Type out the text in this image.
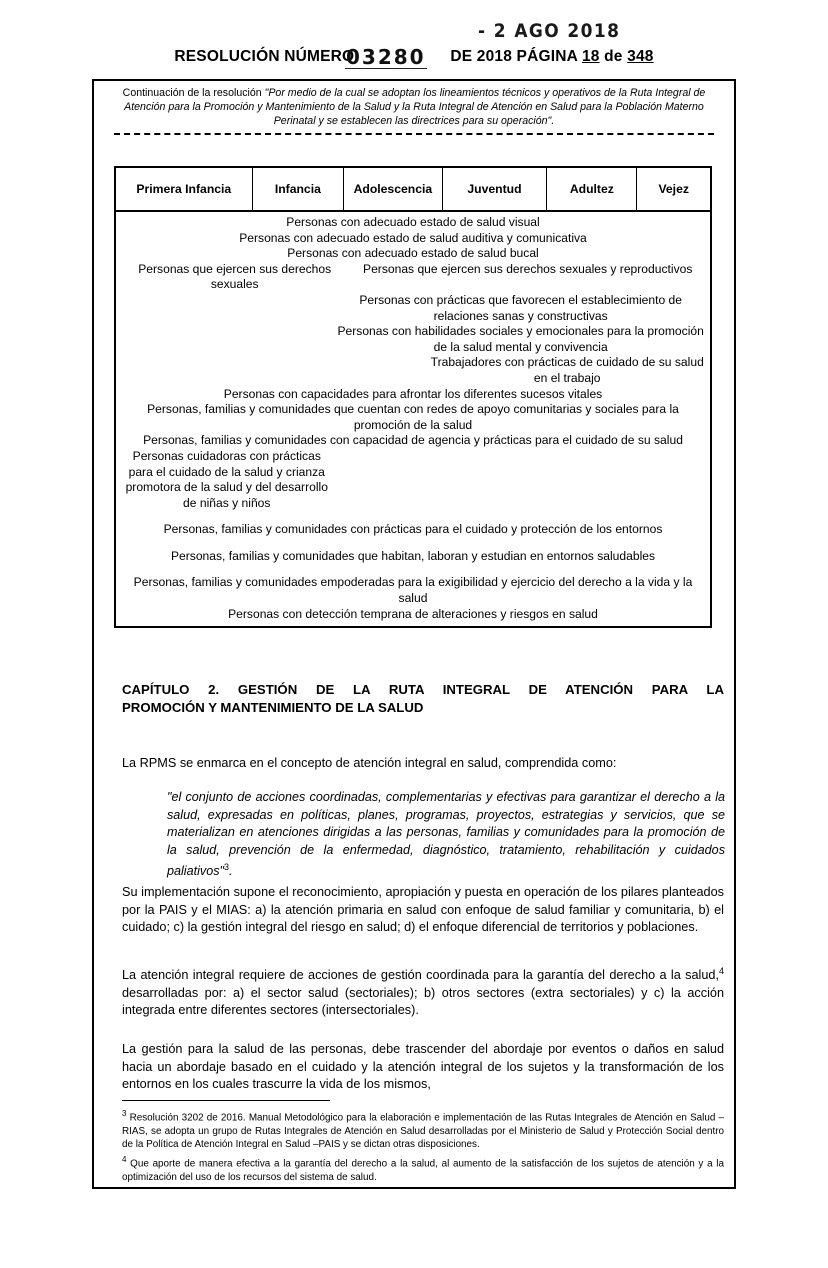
- 2 AGO 2018
RESOLUCIÓN NÚMERO	DE 2018 PÁGINA 18 de 348
03280
Continuación de la resolución "Por medio de la cual se adoptan los lineamientos técnicos y operativos de la Ruta Integral de Atención para la Promoción y Mantenimiento de la Salud y la Ruta Integral de Atención en Salud para la Población Materno Perinatal y se establecen las directrices para su operación".
Primera Infancia	Infancia	Adolescencia	Juventud	Adultez	Vejez
Personas con adecuado estado de salud visual
Personas con adecuado estado de salud auditiva y comunicativa
Personas con adecuado estado de salud bucal
Personas que ejercen sus derechos sexuales
Personas que ejercen sus derechos sexuales y reproductivos
Personas con prácticas que favorecen el establecimiento de relaciones sanas y constructivas
Personas con habilidades sociales y emocionales para la promoción de la salud mental y convivencia
Trabajadores con prácticas de cuidado de su salud en el trabajo
Personas con capacidades para afrontar los diferentes sucesos vitales
Personas, familias y comunidades que cuentan con redes de apoyo comunitarias y sociales para la promoción de la salud
Personas, familias y comunidades con capacidad de agencia y prácticas para el cuidado de su salud
Personas cuidadoras con prácticas para el cuidado de la salud y crianza promotora de la salud y del desarrollo de niñas y niños
Personas, familias y comunidades con prácticas para el cuidado y protección de los entornos
Personas, familias y comunidades que habitan, laboran y estudian en entornos saludables
Personas, familias y comunidades empoderadas para la exigibilidad y ejercicio del derecho a la vida y la salud
Personas con detección temprana de alteraciones y riesgos en salud
CAPÍTULO 2. GESTIÓN DE LA RUTA INTEGRAL DE ATENCIÓN PARA LA
PROMOCIÓN Y MANTENIMIENTO DE LA SALUD
La RPMS se enmarca en el concepto de atención integral en salud, comprendida como:
"el conjunto de acciones coordinadas, complementarias y efectivas para garantizar el derecho a la salud, expresadas en políticas, planes, programas, proyectos, estrategias y servicios, que se materializan en atenciones dirigidas a las personas, familias y comunidades para la promoción de la salud, prevención de la enfermedad, diagnóstico, tratamiento, rehabilitación y cuidados paliativos"$^3$.
Su implementación supone el reconocimiento, apropiación y puesta en operación de los pilares planteados por la PAIS y el MIAS: a) la atención primaria en salud con enfoque de salud familiar y comunitaria, b) el cuidado; c) la gestión integral del riesgo en salud; d) el enfoque diferencial de territorios y poblaciones.
La atención integral requiere de acciones de gestión coordinada para la garantía del derecho a la salud,$^4$ desarrolladas por: a) el sector salud (sectoriales); b) otros sectores (extra sectoriales) y c) la acción integrada entre diferentes sectores (intersectoriales).
La gestión para la salud de las personas, debe trascender del abordaje por eventos o daños en salud hacia un abordaje basado en el cuidado y la atención integral de los sujetos y la transformación de los entornos en los cuales trascurre la vida de los mismos,
$^3$ Resolución 3202 de 2016. Manual Metodológico para la elaboración e implementación de las Rutas Integrales de Atención en Salud – RIAS, se adopta un grupo de Rutas Integrales de Atención en Salud desarrolladas por el Ministerio de Salud y Protección Social dentro de la Política de Atención Integral en Salud –PAIS y se dictan otras disposiciones.
$^4$ Que aporte de manera efectiva a la garantía del derecho a la salud, al aumento de la satisfacción de los sujetos de atención y a la optimización del uso de los recursos del sistema de salud.
